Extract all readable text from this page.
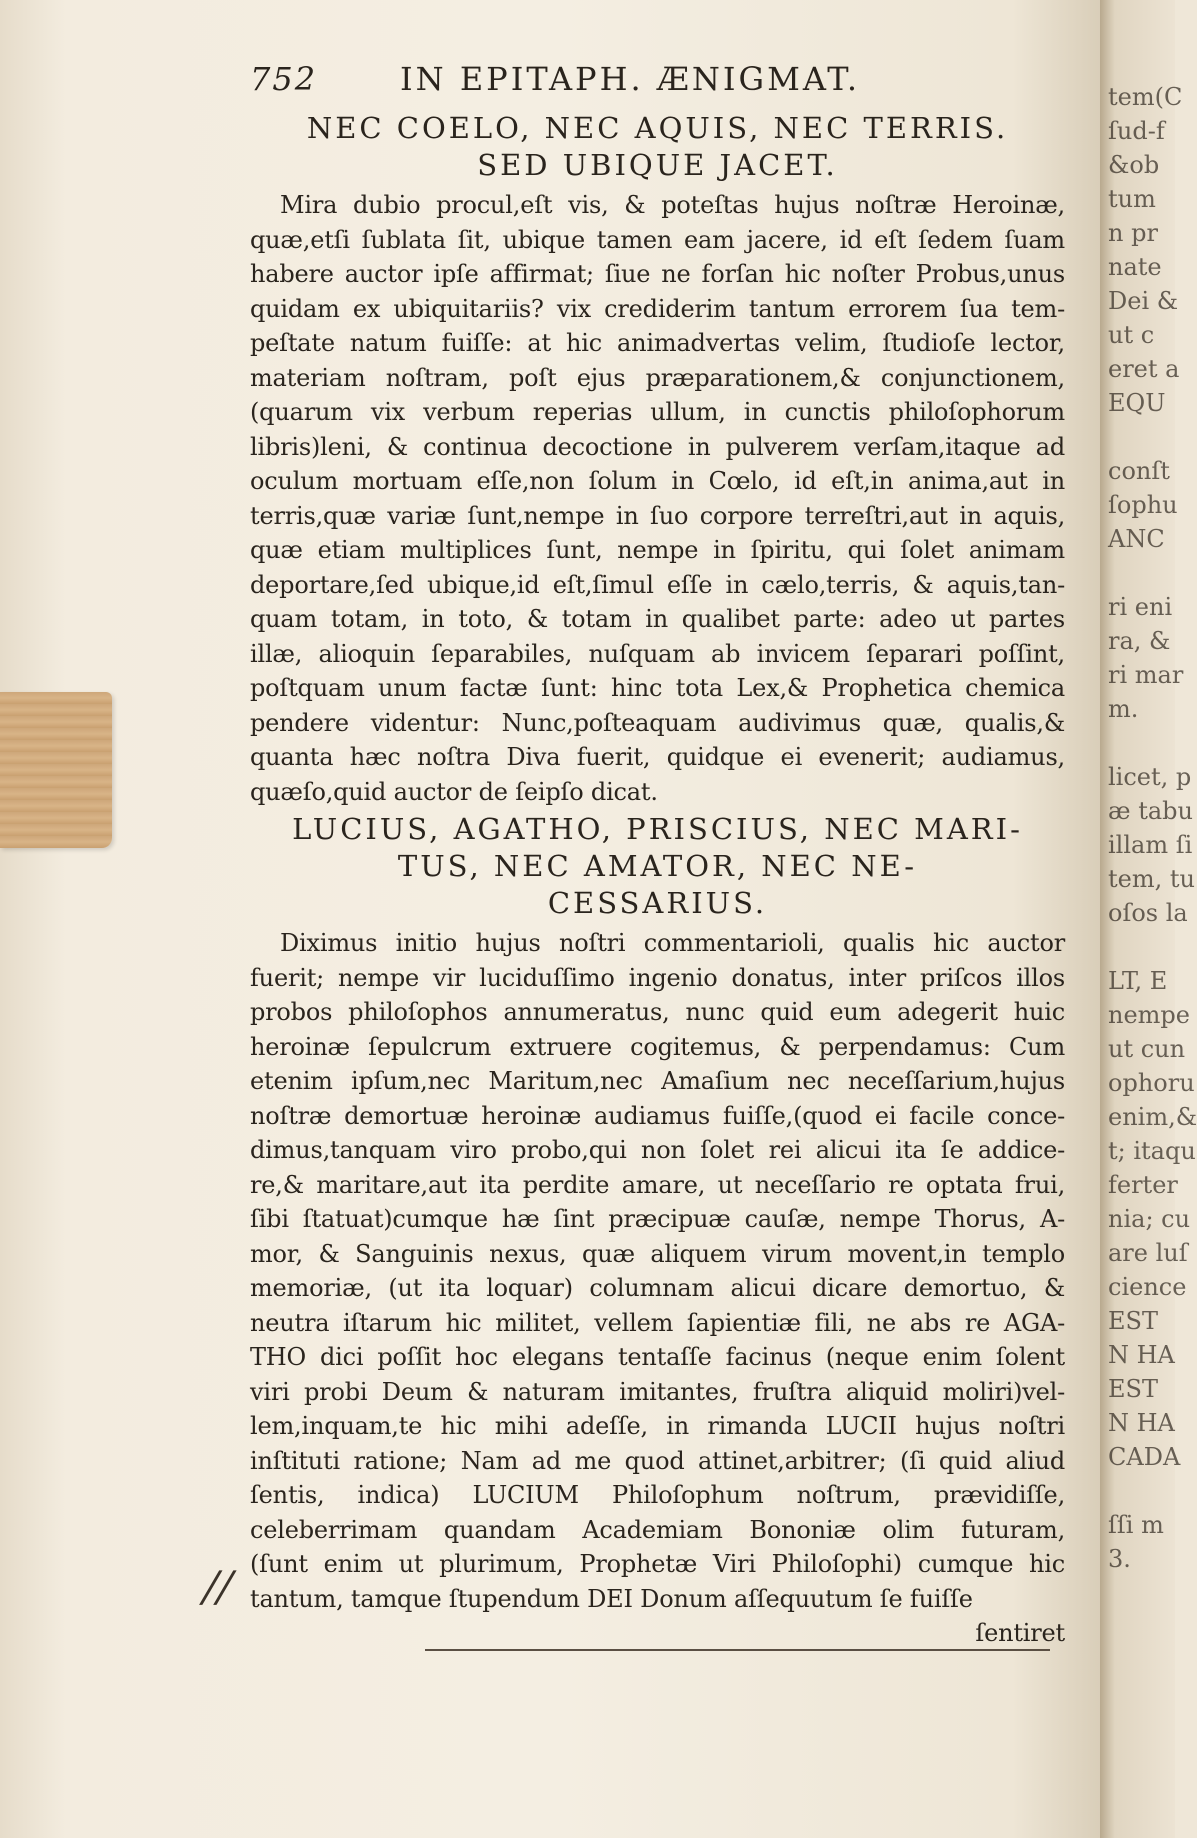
tem(C
ſud-f
&ob
tum
n pr
nate
Dei &
ut c
eret a
EQU
conſt
ſophu
ANC
ri eni
ra, &
ri mar
m.
licet, p
æ tabu
illam ſi
tem, tu
oſos la
LT, E
nempe
ut cun
ophoru
enim,&
t; itaqu
ferter
nia; cu
are luſ
cience
EST
N HA
EST
N HA
CADA
ſſi m
3.
752	IN EPITAPH. ÆNIGMAT.
NEC COELO, NEC AQUIS, NEC TERRIS.
SED UBIQUE JACET.
Mira dubio procul,eſt vis, & poteſtas hujus noſtræ Heroinæ,
quæ,etſi ſublata ſit, ubique tamen eam jacere, id eſt ſedem ſuam
habere auctor ipſe affirmat; ſiue ne forſan hic noſter Probus,unus
quidam ex ubiquitariis? vix crediderim tantum errorem ſua tem-
peſtate natum fuiſſe: at hic animadvertas velim, ſtudioſe lector,
materiam noſtram, poſt ejus præparationem,& conjunctionem,
(quarum vix verbum reperias ullum, in cunctis philoſophorum
libris)leni, & continua decoctione in pulverem verſam,itaque ad
oculum mortuam eſſe,non ſolum in Cœlo, id eſt,in anima,aut in
terris,quæ variæ ſunt,nempe in ſuo corpore terreſtri,aut in aquis,
quæ etiam multiplices ſunt, nempe in ſpiritu, qui ſolet animam
deportare,ſed ubique,id eſt,ſimul eſſe in cælo,terris, & aquis,tan-
quam totam, in toto, & totam in qualibet parte: adeo ut partes
illæ, alioquin ſeparabiles, nuſquam ab invicem ſeparari poſſint,
poſtquam unum factæ ſunt: hinc tota Lex,& Prophetica chemica
pendere videntur: Nunc,poſteaquam audivimus quæ, qualis,&
quanta hæc noſtra Diva fuerit, quidque ei evenerit; audiamus,
quæſo,quid auctor de ſeipſo dicat.
LUCIUS, AGATHO, PRISCIUS, NEC MARI-
TUS, NEC AMATOR, NEC NE-
CESSARIUS.
Diximus initio hujus noſtri commentarioli, qualis hic auctor
fuerit; nempe vir luciduſſimo ingenio donatus, inter priſcos illos
probos philoſophos annumeratus, nunc quid eum adegerit huic
heroinæ ſepulcrum extruere cogitemus, & perpendamus: Cum
etenim ipſum,nec Maritum,nec Amaſium nec neceſſarium,hujus
noſtræ demortuæ heroinæ audiamus fuiſſe,(quod ei facile conce-
dimus,tanquam viro probo,qui non ſolet rei alicui ita ſe addice-
re,& maritare,aut ita perdite amare, ut neceſſario re optata frui,
ſibi ſtatuat)cumque hæ ſint præcipuæ cauſæ, nempe Thorus, A-
mor, & Sanguinis nexus, quæ aliquem virum movent,in templo
memoriæ, (ut ita loquar) columnam alicui dicare demortuo, &
neutra iſtarum hic militet, vellem ſapientiæ fili, ne abs re AGA-
THO dici poſſit hoc elegans tentaſſe facinus (neque enim ſolent
viri probi Deum & naturam imitantes, fruſtra aliquid moliri)vel-
lem,inquam,te hic mihi adeſſe, in rimanda LUCII hujus noſtri
inſtituti ratione; Nam ad me quod attinet,arbitrer; (ſi quid aliud
ſentis, indica) LUCIUM Philoſophum noſtrum, prævidiſſe,
celeberrimam quandam Academiam Bononiæ olim futuram,
(ſunt enim ut plurimum, Prophetæ Viri Philoſophi) cumque hic
tantum, tamque ſtupendum DEI Donum aſſequutum ſe fuiſſe
ſentiret
//
